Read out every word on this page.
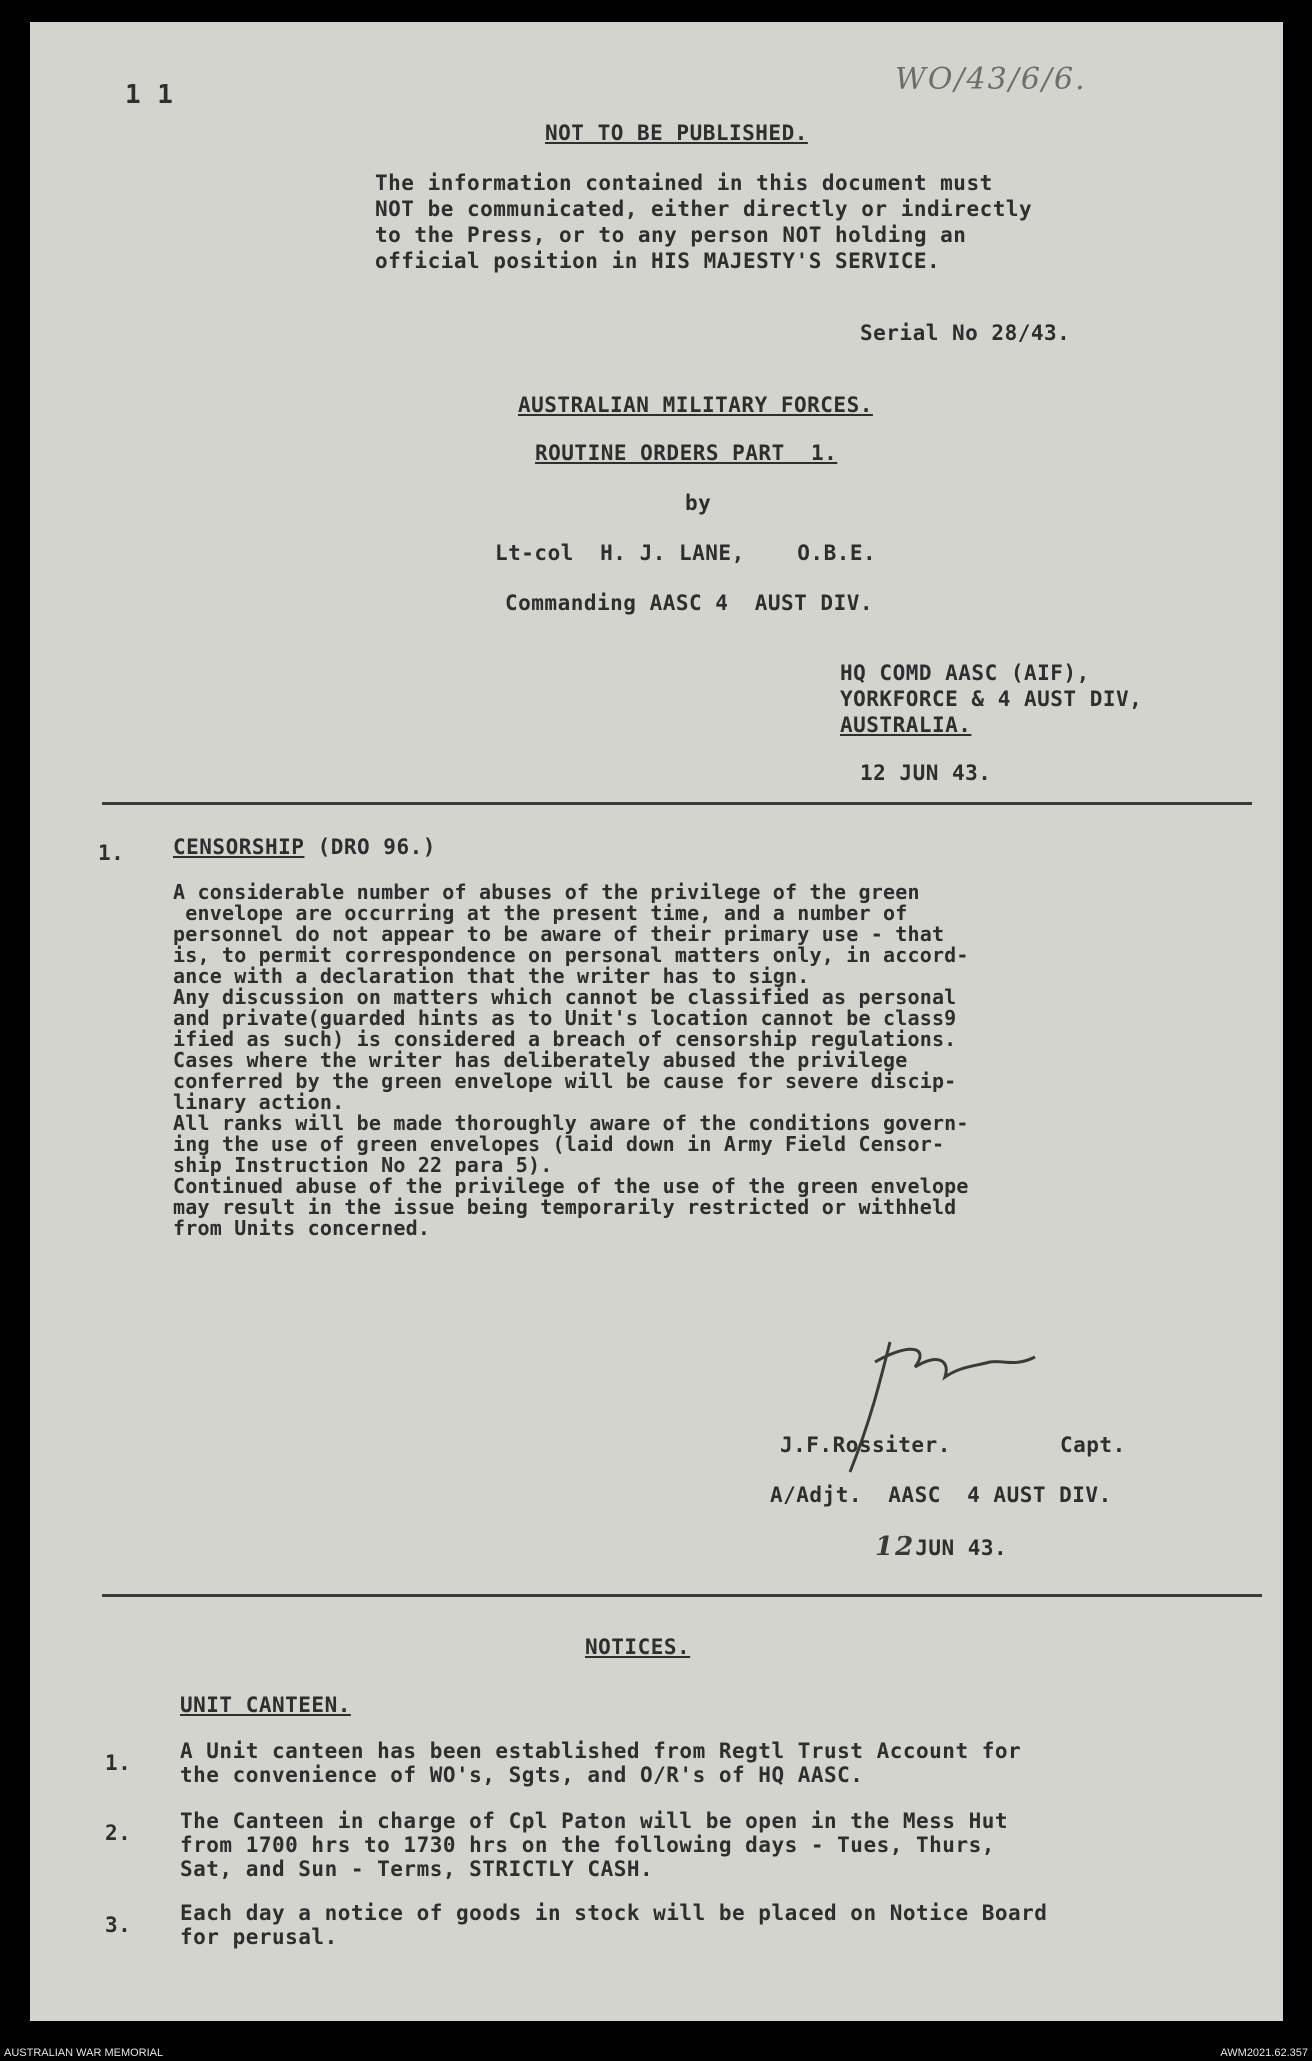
WO/43/6/6.
1 1
NOT TO BE PUBLISHED.
The information contained in this document must
NOT be communicated, either directly or indirectly
to the Press, or to any person NOT holding an
official position in HIS MAJESTY'S SERVICE.
Serial No 28/43.
AUSTRALIAN MILITARY FORCES.
ROUTINE ORDERS PART  1.
by
Lt-col  H. J. LANE,    O.B.E.
Commanding AASC 4  AUST DIV.
HQ COMD AASC (AIF),
YORKFORCE & 4 AUST DIV,
AUSTRALIA.
12 JUN 43.
1. CENSORSHIP (DRO 96.)
A considerable number of abuses of the privilege of the green
envelope are occurring at the present time, and a number of
personnel do not appear to be aware of their primary use - that
is, to permit correspondence on personal matters only, in accord-
ance with a declaration that the writer has to sign.
Any discussion on matters which cannot be classified as personal
and private(guarded hints as to Unit's location cannot be class9
ified as such) is considered a breach of censorship regulations.
Cases where the writer has deliberately abused the privilege
conferred by the green envelope will be cause for severe discip-
linary action.
All ranks will be made thoroughly aware of the conditions govern-
ing the use of green envelopes (laid down in Army Field Censor-
ship Instruction No 22 para 5).
Continued abuse of the privilege of the use of the green envelope
may result in the issue being temporarily restricted or withheld
from Units concerned.
J.F.Rossiter.	Capt.
A/Adjt.  AASC  4 AUST DIV.
12JUN 43.
NOTICES.
UNIT CANTEEN.
1. A Unit canteen has been established from Regtl Trust Account for
the convenience of WO's, Sgts, and O/R's of HQ AASC.
2. The Canteen in charge of Cpl Paton will be open in the Mess Hut
from 1700 hrs to 1730 hrs on the following days - Tues, Thurs,
Sat, and Sun - Terms, STRICTLY CASH.
3. Each day a notice of goods in stock will be placed on Notice Board
for perusal.
AUSTRALIAN WAR MEMORIAL	AWM2021.62.357
